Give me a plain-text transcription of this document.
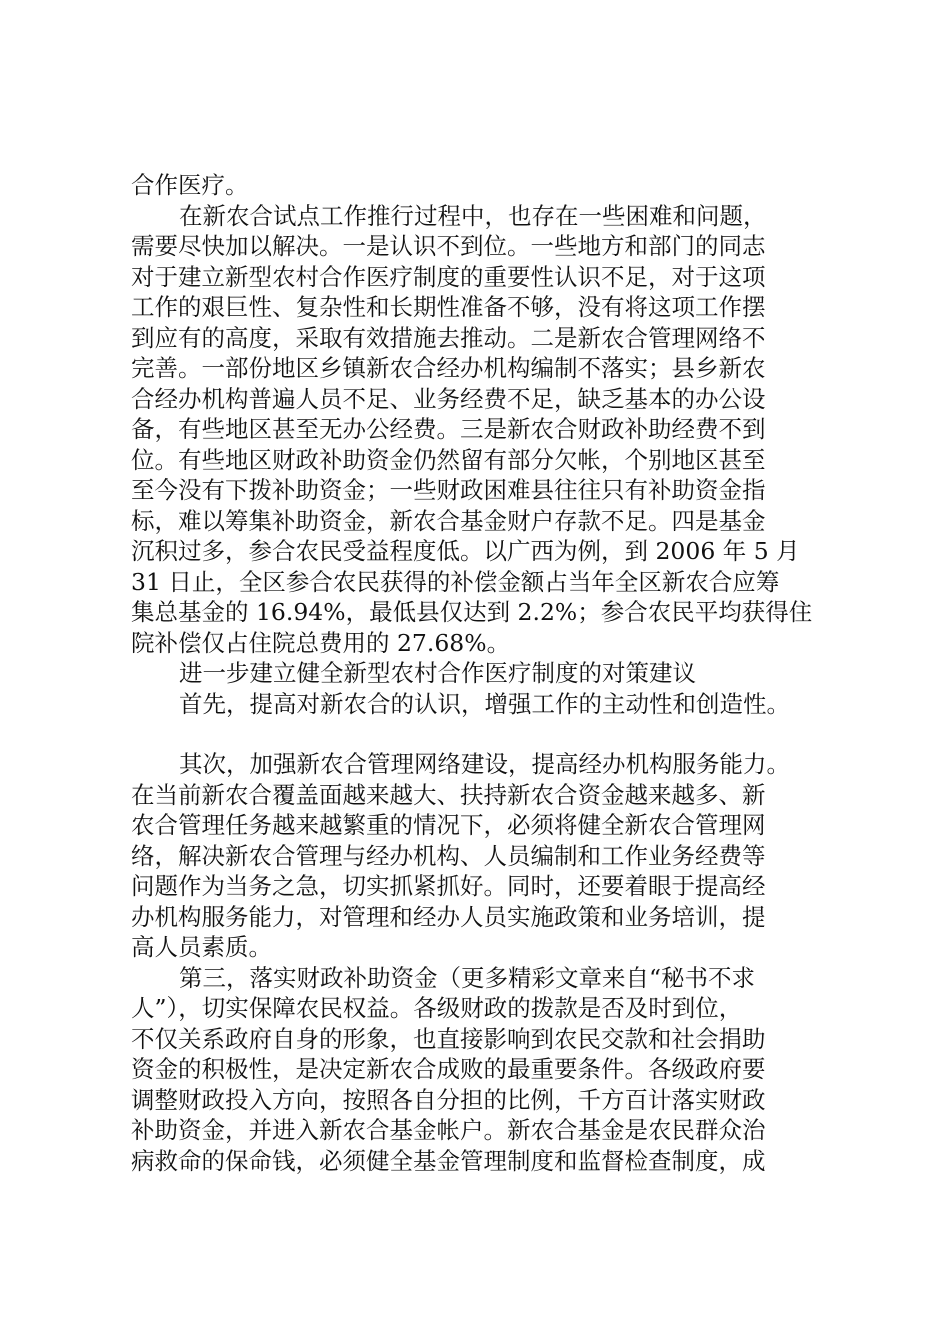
合作医疗。
在新农合试点工作推行过程中，也存在一些困难和问题，
需要尽快加以解决。一是认识不到位。一些地方和部门的同志
对于建立新型农村合作医疗制度的重要性认识不足，对于这项
工作的艰巨性、复杂性和长期性准备不够，没有将这项工作摆
到应有的高度，采取有效措施去推动。二是新农合管理网络不
完善。一部份地区乡镇新农合经办机构编制不落实；县乡新农
合经办机构普遍人员不足、业务经费不足，缺乏基本的办公设
备，有些地区甚至无办公经费。三是新农合财政补助经费不到
位。有些地区财政补助资金仍然留有部分欠帐，个别地区甚至
至今没有下拨补助资金；一些财政困难县往往只有补助资金指
标，难以筹集补助资金，新农合基金财户存款不足。四是基金
沉积过多，参合农民受益程度低。以广西为例，到 2006 年 5 月
31 日止，全区参合农民获得的补偿金额占当年全区新农合应筹
集总基金的 16.94%，最低县仅达到 2.2%；参合农民平均获得住
院补偿仅占住院总费用的 27.68%。
进一步建立健全新型农村合作医疗制度的对策建议
首先，提高对新农合的认识，增强工作的主动性和创造性。
其次，加强新农合管理网络建设，提高经办机构服务能力。
在当前新农合覆盖面越来越大、扶持新农合资金越来越多、新
农合管理任务越来越繁重的情况下，必须将健全新农合管理网
络，解决新农合管理与经办机构、人员编制和工作业务经费等
问题作为当务之急，切实抓紧抓好。同时，还要着眼于提高经
办机构服务能力，对管理和经办人员实施政策和业务培训，提
高人员素质。
第三，落实财政补助资金（更多精彩文章来自“秘书不求
人”），切实保障农民权益。各级财政的拨款是否及时到位，
不仅关系政府自身的形象，也直接影响到农民交款和社会捐助
资金的积极性，是决定新农合成败的最重要条件。各级政府要
调整财政投入方向，按照各自分担的比例，千方百计落实财政
补助资金，并进入新农合基金帐户。新农合基金是农民群众治
病救命的保命钱，必须健全基金管理制度和监督检查制度，成
